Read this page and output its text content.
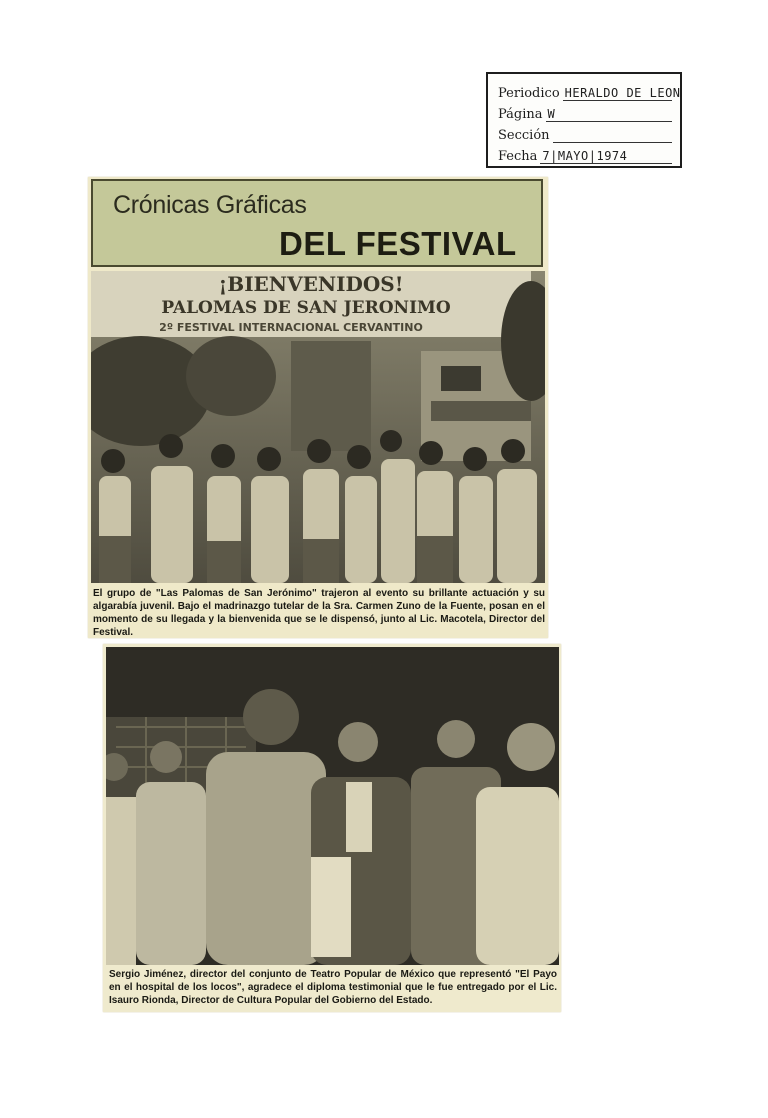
Periodico HERALDO DE LEON
Página W
Sección
Fecha 7|MAYO|1974
Crónicas Gráficas
DEL FESTIVAL
¡BIENVENIDOS!
PALOMAS DE SAN JERONIMO
2º FESTIVAL INTERNACIONAL CERVANTINO
El grupo de "Las Palomas de San Jerónimo" trajeron al evento su brillante actuación y su algarabía juvenil. Bajo el madrinazgo tutelar de la Sra. Carmen Zuno de la Fuente, posan en el momento de su llegada y la bienvenida que se le dispensó, junto al Lic. Macotela, Director del Festival.
Sergio Jiménez, director del conjunto de Teatro Popular de México que representó "El Payo en el hospital de los locos", agradece el diploma testimonial que le fue entregado por el Lic. Isauro Rionda, Director de Cultura Popular del Gobierno del Estado.
